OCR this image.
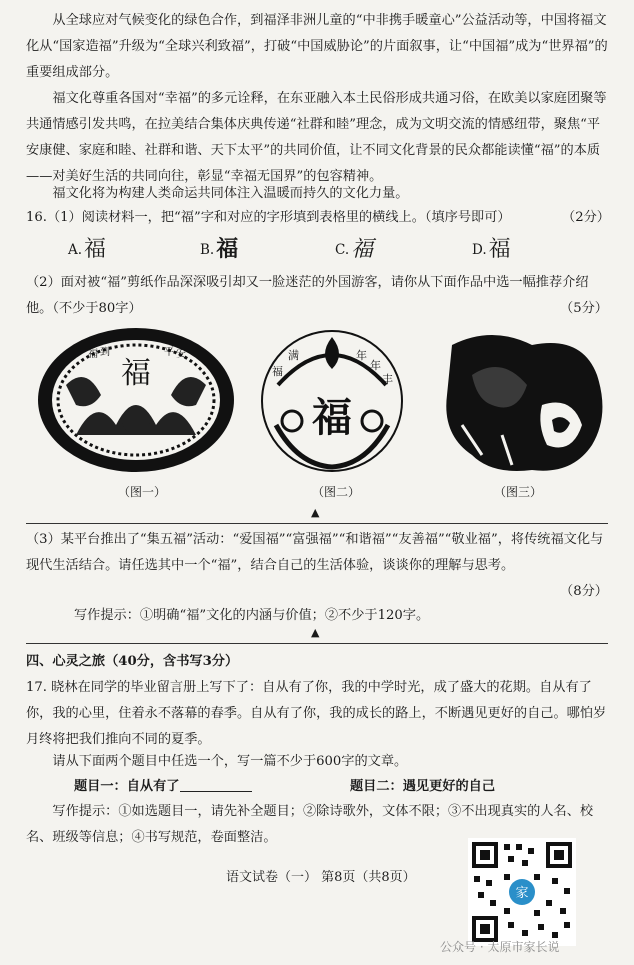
从全球应对气候变化的绿色合作，到福泽非洲儿童的“中非携手暖童心”公益活动等，中国将福文化从“国家造福”升级为“全球兴利致福”，打破“中国威胁论”的片面叙事，让“中国福”成为“世界福”的重要组成部分。

福文化尊重各国对“幸福”的多元诠释，在东亚融入本土民俗形成共通习俗，在欧美以家庭团聚等共通情感引发共鸣，在拉美结合集体庆典传递“社群和睦”理念，成为文明交流的情感纽带，聚焦“平安康健、家庭和睦、社群和谐、天下太平”的共同价值，让不同文化背景的民众都能读懂“福”的本质——对美好生活的共同向往，彰显“幸福无国界”的包容精神。

福文化将为构建人类命运共同体注入温暖而持久的文化力量。

（2分）
16.（1）阅读材料一，把“福”字和对应的字形填到表格里的横线上。（填序号即可）

A.福	B.福	C.福	D.福

（2）面对被“福”剪纸作品深深吸引却又一脸迷茫的外国游客，请你从下面作品中选一幅推荐介绍他。（不少于80字）	（5分）
福
福 到	平 安
福
福
满	年
年
丰
（图一）	（图二）	（图三）
▲

（3）某平台推出了“集五福”活动：“爱国福”“富强福”“和谐福”“友善福”“敬业福”，将传统福文化与现代生活结合。请任选其中一个“福”，结合自己的生活体验，谈谈你的理解与思考。

（8分）

写作提示：①明确“福”文化的内涵与价值；②不少于120字。

▲

四、心灵之旅（40分，含书写3分）

17. 晓林在同学的毕业留言册上写下了：自从有了你，我的中学时光，成了盛大的花期。自从有了你，我的心里，住着永不落幕的春季。自从有了你，我的成长的路上，不断遇见更好的自己。哪怕岁月终将把我们推向不同的夏季。

请从下面两个题目中任选一个，写一篇不少于600字的文章。

题目一：自从有了	题目二：遇见更好的自己

写作提示：①如选题目一，请先补全题目；②除诗歌外，文体不限；③不出现真实的人名、校名、班级等信息；④书写规范，卷面整洁。

语文试卷（一） 第8页（共8页）
家
公众号 · 太原市家长说
